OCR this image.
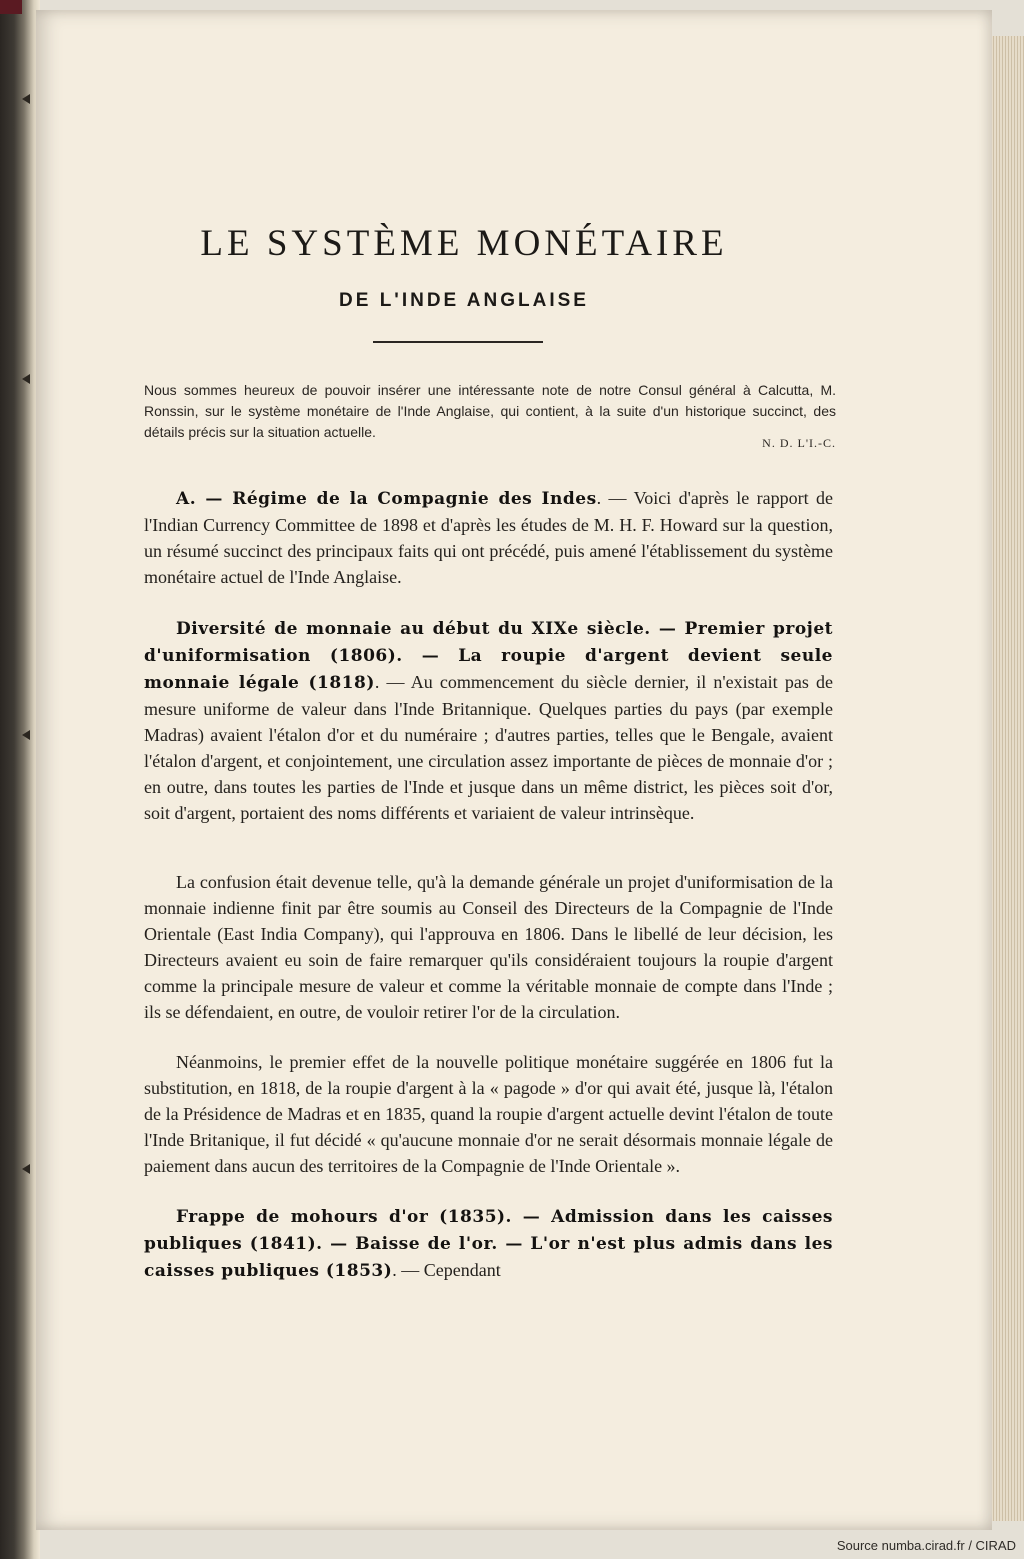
LE SYSTÈME MONÉTAIRE
DE L'INDE ANGLAISE

Nous sommes heureux de pouvoir insérer une intéressante note de notre Consul général à Calcutta, M. Ronssin, sur le système monétaire de l'Inde Anglaise, qui contient, à la suite d'un historique succinct, des détails précis sur la situation actuelle.

N. D. L'I.-C.

A. — Régime de la Compagnie des Indes. — Voici d'après le rapport de l'Indian Currency Committee de 1898 et d'après les études de M. H. F. Howard sur la question, un résumé succinct des principaux faits qui ont précédé, puis amené l'établissement du système monétaire actuel de l'Inde Anglaise.

Diversité de monnaie au début du XIXe siècle. — Premier projet d'uniformisation (1806). — La roupie d'argent devient seule monnaie légale (1818). — Au commencement du siècle dernier, il n'existait pas de mesure uniforme de valeur dans l'Inde Britannique. Quelques parties du pays (par exemple Madras) avaient l'étalon d'or et du numéraire ; d'autres parties, telles que le Bengale, avaient l'étalon d'argent, et conjointement, une circulation assez importante de pièces de monnaie d'or ; en outre, dans toutes les parties de l'Inde et jusque dans un même district, les pièces soit d'or, soit d'argent, portaient des noms différents et variaient de valeur intrinsèque.

La confusion était devenue telle, qu'à la demande générale un projet d'uniformisation de la monnaie indienne finit par être soumis au Conseil des Directeurs de la Compagnie de l'Inde Orientale (East India Company), qui l'approuva en 1806. Dans le libellé de leur décision, les Directeurs avaient eu soin de faire remarquer qu'ils considéraient toujours la roupie d'argent comme la principale mesure de valeur et comme la véritable monnaie de compte dans l'Inde ; ils se défendaient, en outre, de vouloir retirer l'or de la circulation.

Néanmoins, le premier effet de la nouvelle politique monétaire suggérée en 1806 fut la substitution, en 1818, de la roupie d'argent à la « pagode » d'or qui avait été, jusque là, l'étalon de la Présidence de Madras et en 1835, quand la roupie d'argent actuelle devint l'étalon de toute l'Inde Britanique, il fut décidé « qu'aucune monnaie d'or ne serait désormais monnaie légale de paiement dans aucun des territoires de la Compagnie de l'Inde Orientale ».

Frappe de mohours d'or (1835). — Admission dans les caisses publiques (1841). — Baisse de l'or. — L'or n'est plus admis dans les caisses publiques (1853). — Cependant

Source numba.cirad.fr / CIRAD
